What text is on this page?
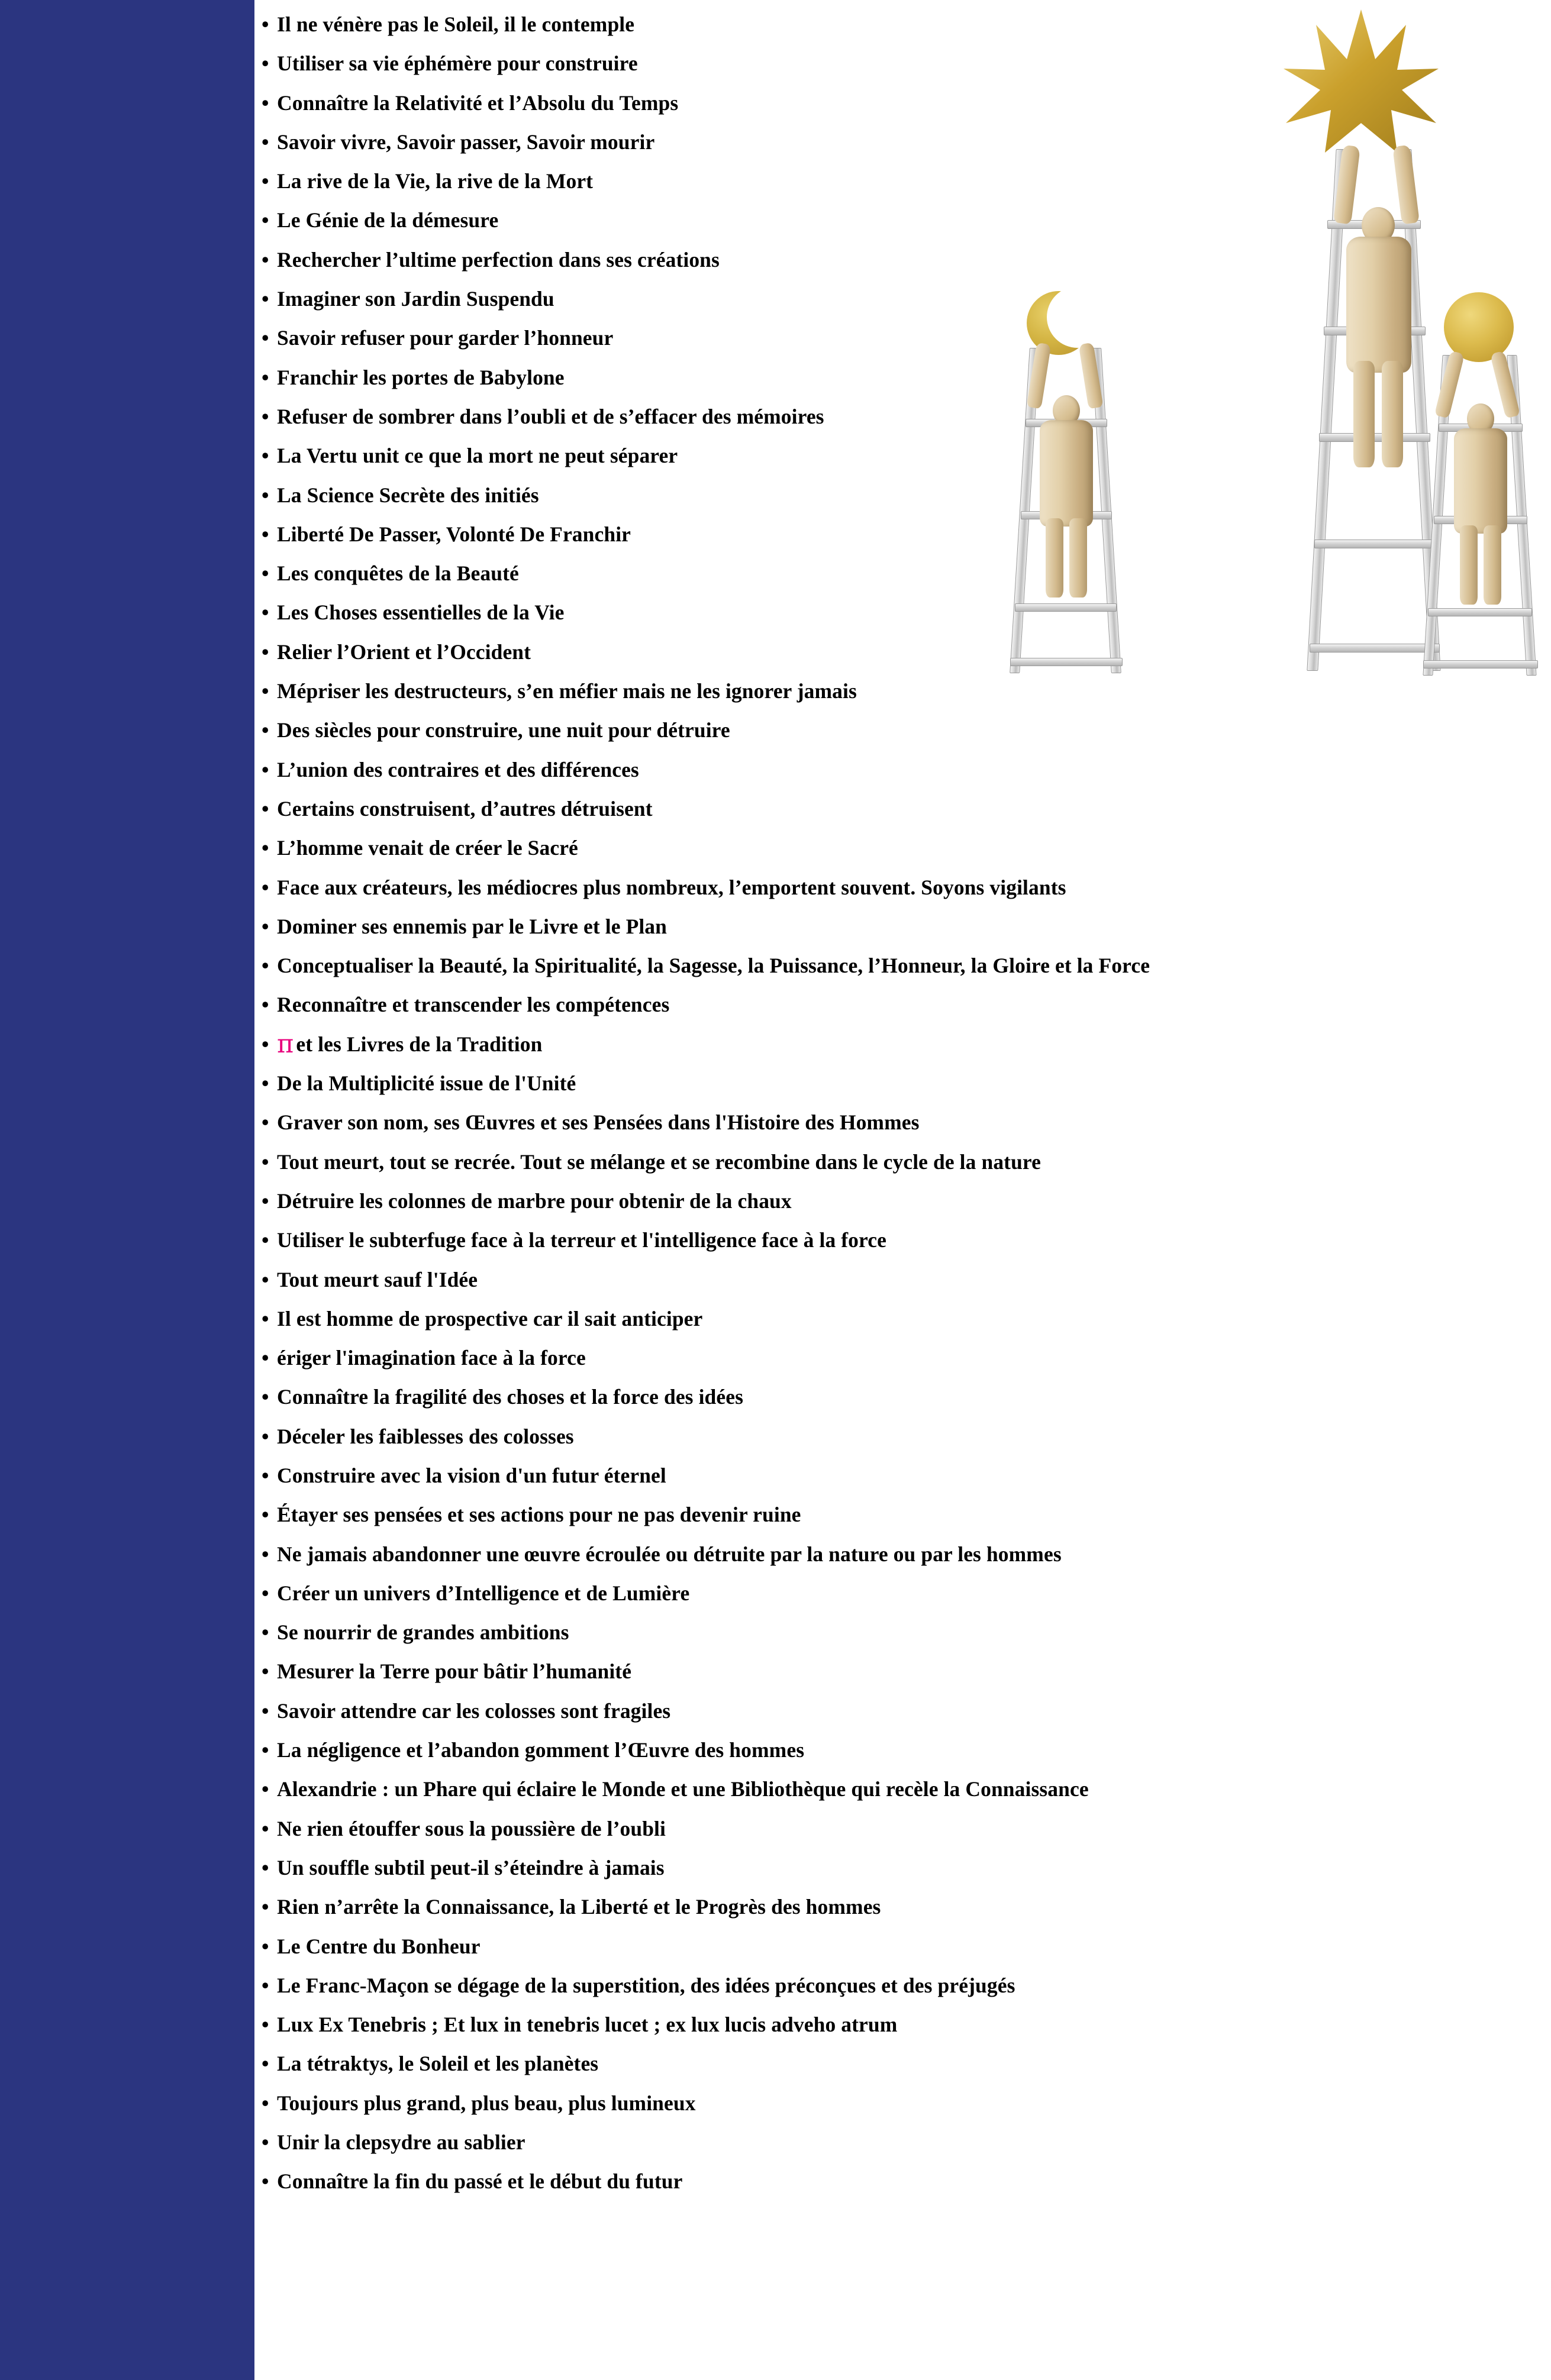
• Il ne vénère pas le Soleil, il le contemple
• Utiliser sa vie éphémère pour construire
• Connaître la Relativité et l’Absolu du Temps
• Savoir vivre, Savoir passer, Savoir mourir
• La rive de la Vie, la rive de la Mort
• Le Génie de la démesure
• Rechercher l’ultime perfection dans ses créations
• Imaginer son Jardin Suspendu
• Savoir refuser pour garder l’honneur
• Franchir les portes de Babylone
• Refuser de sombrer dans l’oubli et de s’effacer des mémoires
• La Vertu unit ce que la mort ne peut séparer
• La Science Secrète des initiés
• Liberté De Passer, Volonté De Franchir
• Les conquêtes de la Beauté
• Les Choses essentielles de la Vie
• Relier l’Orient et l’Occident
• Mépriser les destructeurs, s’en méfier mais ne les ignorer jamais
• Des siècles pour construire, une nuit pour détruire
• L’union des contraires et des différences
• Certains construisent, d’autres détruisent
• L’homme venait de créer le Sacré
• Face aux créateurs, les médiocres plus nombreux, l’emportent souvent. Soyons vigilants
• Dominer ses ennemis par le Livre et le Plan
• Conceptualiser la Beauté, la Spiritualité, la Sagesse, la Puissance, l’Honneur, la Gloire et la Force
• Reconnaître et transcender les compétences
• π et les Livres de la Tradition
• De la Multiplicité issue de l'Unité
• Graver son nom, ses Œuvres et ses Pensées dans l'Histoire des Hommes
• Tout meurt, tout se recrée. Tout se mélange et se recombine dans le cycle de la nature
• Détruire les colonnes de marbre pour obtenir de la chaux
• Utiliser le subterfuge face à la terreur et l'intelligence face à la force
• Tout meurt sauf l'Idée
• Il est homme de prospective car il sait anticiper
• ériger l'imagination face à la force
• Connaître la fragilité des choses et la force des idées
• Déceler les faiblesses des colosses
• Construire avec la vision d'un futur éternel
• Étayer ses pensées et ses actions pour ne pas devenir ruine
• Ne jamais abandonner une œuvre écroulée ou détruite par la nature ou par les hommes
• Créer un univers d’Intelligence et de Lumière
• Se nourrir de grandes ambitions
• Mesurer la Terre pour bâtir l’humanité
• Savoir attendre car les colosses sont fragiles
• La négligence et l’abandon gomment l’Œuvre des hommes
• Alexandrie : un Phare qui éclaire le Monde et une Bibliothèque qui recèle la Connaissance
• Ne rien étouffer sous la poussière de l’oubli
• Un souffle subtil peut-il s’éteindre à jamais
• Rien n’arrête la Connaissance, la Liberté et le Progrès des hommes
• Le Centre du Bonheur
• Le Franc-Maçon se dégage de la superstition, des idées préconçues et des préjugés
• Lux Ex Tenebris ; Et lux in tenebris lucet ; ex lux lucis adveho atrum
• La tétraktys, le Soleil et les planètes
• Toujours plus grand, plus beau, plus lumineux
• Unir la clepsydre au sablier
• Connaître la fin du passé et le début du futur
